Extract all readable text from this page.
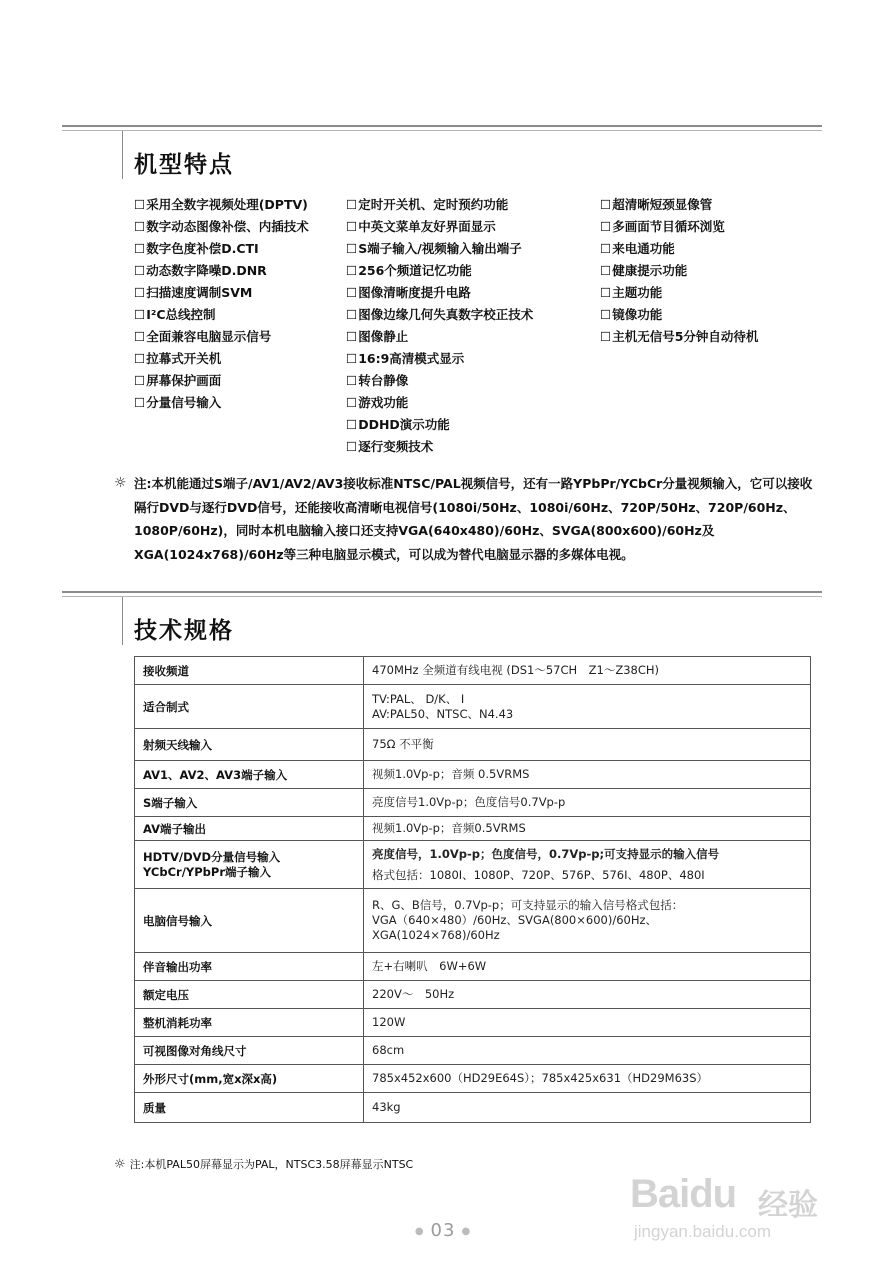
机型特点
☐ 采用全数字视频处理(DPTV)
☐ 数字动态图像补偿、内插技术
☐ 数字色度补偿D.CTI
☐ 动态数字降噪D.DNR
☐ 扫描速度调制SVM
☐ I²C总线控制
☐ 全面兼容电脑显示信号
☐ 拉幕式开关机
☐ 屏幕保护画面
☐ 分量信号输入
☐ 定时开关机、定时预约功能
☐ 中英文菜单友好界面显示
☐ S端子输入/视频输入输出端子
☐ 256个频道记忆功能
☐ 图像清晰度提升电路
☐ 图像边缘几何失真数字校正技术
☐ 图像静止
☐ 16:9高清模式显示
☐ 转台静像
☐ 游戏功能
☐ DDHD演示功能
☐ 逐行变频技术
☐ 超清晰短颈显像管
☐ 多画面节目循环浏览
☐ 来电通功能
☐ 健康提示功能
☐ 主题功能
☐ 镜像功能
☐ 主机无信号5分钟自动待机
☼ 注:本机能通过S端子/AV1/AV2/AV3接收标准NTSC/PAL视频信号，还有一路YPbPr/YCbCr分量视频输入，它可以接收隔行DVD与逐行DVD信号，还能接收高清晰电视信号(1080i/50Hz、1080i/60Hz、720P/50Hz、720P/60Hz、1080P/60Hz)，同时本机电脑输入接口还支持VGA(640x480)/60Hz、SVGA(800x600)/60Hz及XGA(1024x768)/60Hz等三种电脑显示模式，可以成为替代电脑显示器的多媒体电视。
技术规格
接收频道	470MHz 全频道有线电视 (DS1～57CH　Z1～Z38CH)

适合制式	TV:PAL、 D/K、 I
AV:PAL50、NTSC、N4.43

射频天线输入	75Ω 不平衡

AV1、AV2、AV3端子输入	视频1.0Vp-p；音频 0.5VRMS

S端子输入	亮度信号1.0Vp-p；色度信号0.7Vp-p

AV端子输出	视频1.0Vp-p；音频0.5VRMS

HDTV/DVD分量信号输入
YCbCr/YPbPr端子输入	亮度信号，1.0Vp-p；色度信号，0.7Vp-p;可支持显示的输入信号
格式包括：1080I、1080P、720P、576P、576I、480P、480I

电脑信号输入	R、G、B信号，0.7Vp-p；可支持显示的输入信号格式包括：
VGA（640×480）/60Hz、SVGA(800×600)/60Hz、
XGA(1024×768)/60Hz

伴音输出功率	左+右喇叭　6W+6W

额定电压	220V～　50Hz

整机消耗功率	120W

可视图像对角线尺寸	68cm

外形尺寸(mm,宽x深x高)	785x452x600（HD29E64S）；785x425x631（HD29M63S）

质量	43kg
☼ 注:本机PAL50屏幕显示为PAL，NTSC3.58屏幕显示NTSC
Baidu 经验
jingyan.baidu.com
● 03 ●
